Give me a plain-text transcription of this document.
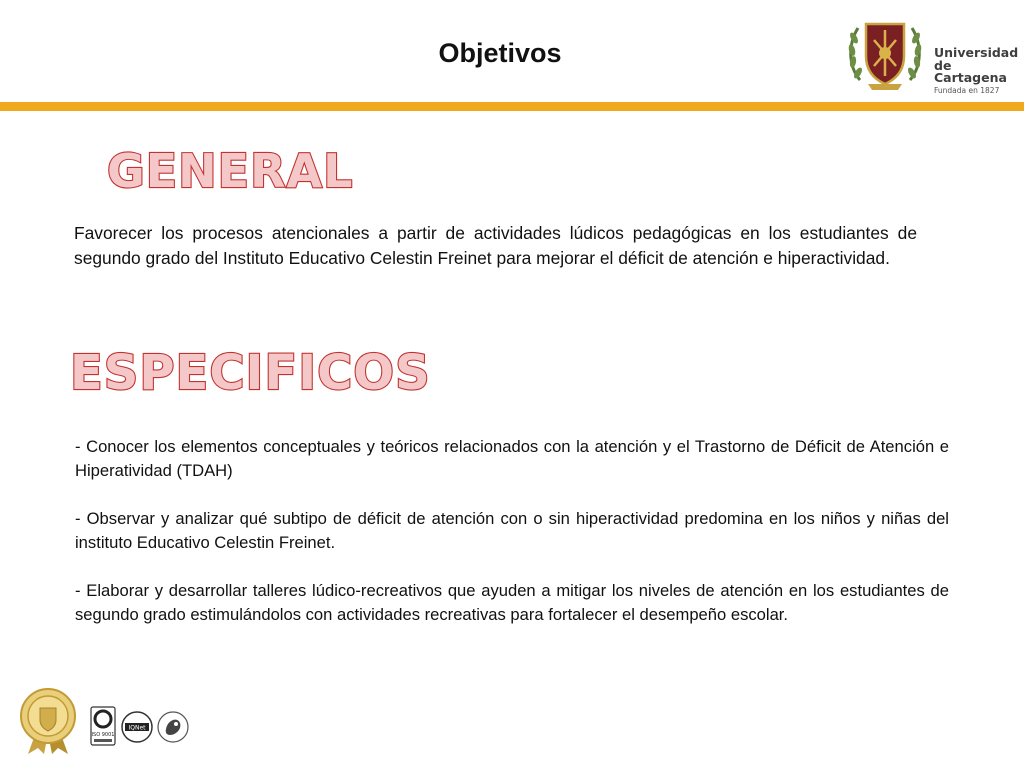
Objetivos	Universidad
de Cartagena
Fundada en 1827
GENERAL
Favorecer los procesos atencionales a partir de actividades lúdicos pedagógicas en los estudiantes de segundo grado del Instituto Educativo Celestin Freinet para mejorar el déficit de atención e hiperactividad.
ESPECIFICOS
- Conocer los elementos conceptuales y teóricos relacionados con la atención y el Trastorno de Déficit de Atención e Hiperatividad (TDAH)
- Observar y analizar qué subtipo de déficit de atención con o sin hiperactividad predomina en los niños y niñas del instituto Educativo Celestin Freinet.
- Elaborar y desarrollar talleres lúdico-recreativos que ayuden a mitigar los niveles de atención en los estudiantes de segundo grado estimulándolos con actividades recreativas para fortalecer el desempeño escolar.
ISO 9001
IQNet
